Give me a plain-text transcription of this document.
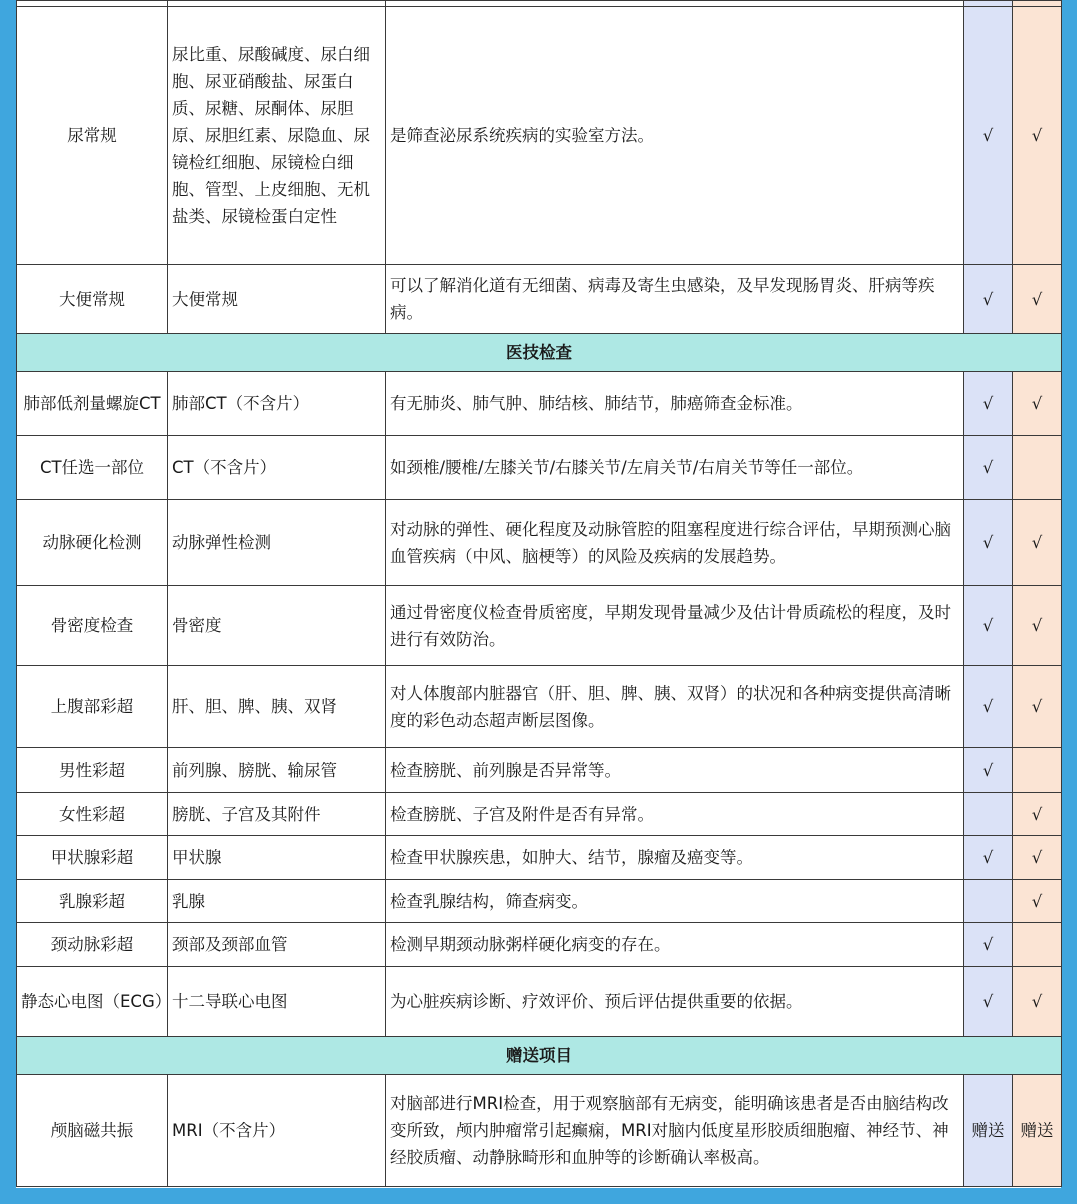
尿常规	尿比重、尿酸碱度、尿白细胞、尿亚硝酸盐、尿蛋白质、尿糖、尿酮体、尿胆原、尿胆红素、尿隐血、尿镜检红细胞、尿镜检白细胞、管型、上皮细胞、无机盐类、尿镜检蛋白定性	是筛查泌尿系统疾病的实验室方法。	√	√
大便常规	大便常规	可以了解消化道有无细菌、病毒及寄生虫感染，及早发现肠胃炎、肝病等疾病。	√	√
医技检查				
肺部低剂量螺旋CT	肺部CT（不含片）	有无肺炎、肺气肿、肺结核、肺结节，肺癌筛查金标准。	√	√
CT任选一部位	CT（不含片）	如颈椎/腰椎/左膝关节/右膝关节/左肩关节/右肩关节等任一部位。	√	
动脉硬化检测	动脉弹性检测	对动脉的弹性、硬化程度及动脉管腔的阻塞程度进行综合评估，早期预测心脑血管疾病（中风、脑梗等）的风险及疾病的发展趋势。	√	√
骨密度检查	骨密度	通过骨密度仪检查骨质密度，早期发现骨量减少及估计骨质疏松的程度，及时进行有效防治。	√	√
上腹部彩超	肝、胆、脾、胰、双肾	对人体腹部内脏器官（肝、胆、脾、胰、双肾）的状况和各种病变提供高清晰度的彩色动态超声断层图像。	√	√
男性彩超	前列腺、膀胱、输尿管	检查膀胱、前列腺是否异常等。	√	
女性彩超	膀胱、子宫及其附件	检查膀胱、子宫及附件是否有异常。		√
甲状腺彩超	甲状腺	检查甲状腺疾患，如肿大、结节，腺瘤及癌变等。	√	√
乳腺彩超	乳腺	检查乳腺结构，筛查病变。		√
颈动脉彩超	颈部及颈部血管	检测早期颈动脉粥样硬化病变的存在。	√	
静态心电图（ECG）	十二导联心电图	为心脏疾病诊断、疗效评价、预后评估提供重要的依据。	√	√
赠送项目				
颅脑磁共振	MRI（不含片）	对脑部进行MRI检查，用于观察脑部有无病变，能明确该患者是否由脑结构改变所致，颅内肿瘤常引起癫痫，MRI对脑内低度星形胶质细胞瘤、神经节、神经胶质瘤、动静脉畸形和血肿等的诊断确认率极高。	赠送	赠送
